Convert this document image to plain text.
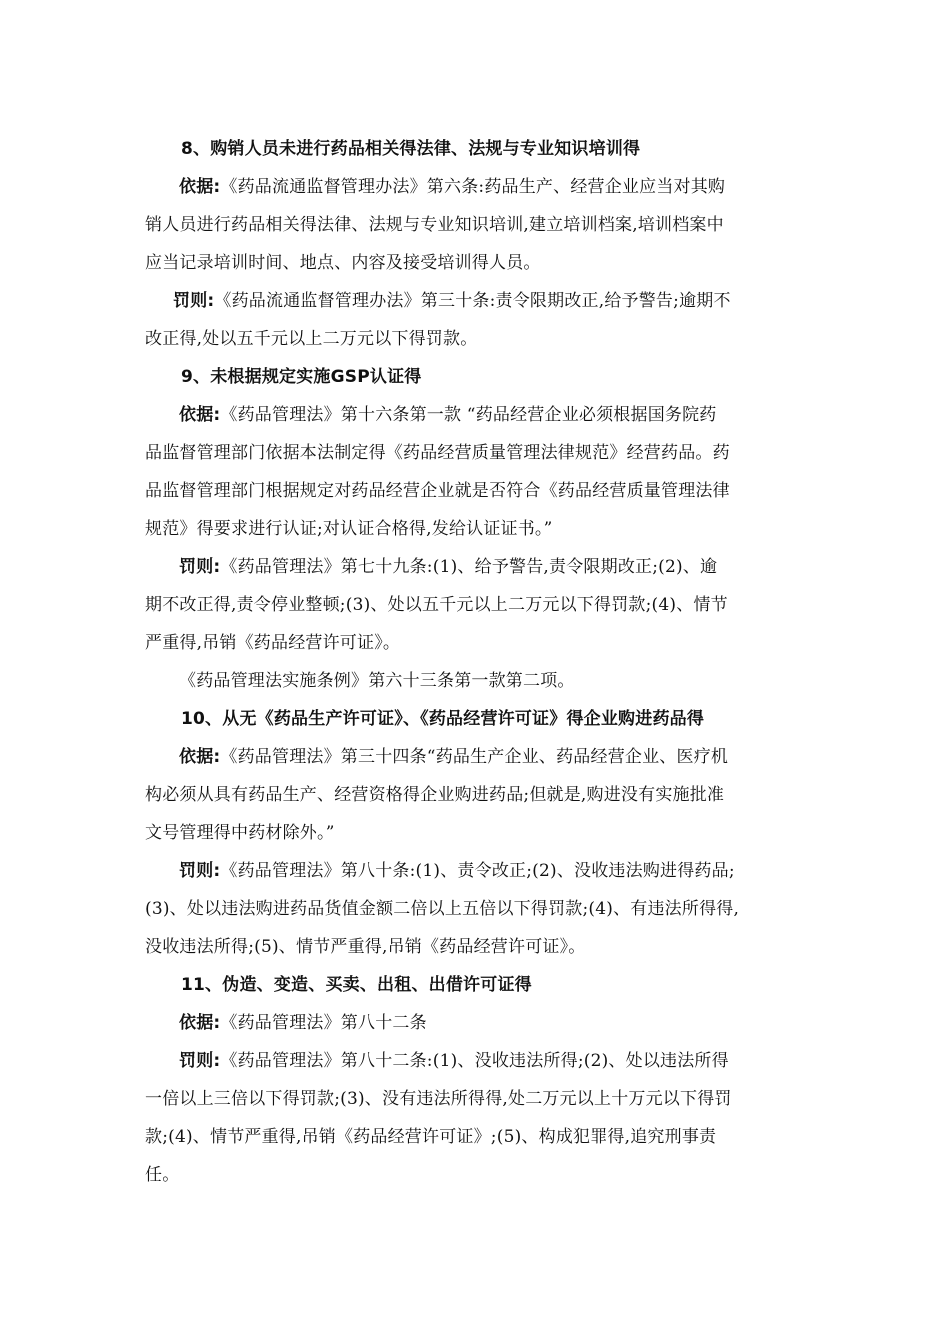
8、购销人员未进行药品相关得法律、法规与专业知识培训得
依据:《药品流通监督管理办法》第六条:药品生产、经营企业应当对其购
销人员进行药品相关得法律、法规与专业知识培训,建立培训档案,培训档案中
应当记录培训时间、地点、内容及接受培训得人员。
罚则:《药品流通监督管理办法》第三十条:责令限期改正,给予警告;逾期不
改正得,处以五千元以上二万元以下得罚款。
9、未根据规定实施GSP认证得
依据:《药品管理法》第十六条第一款 “药品经营企业必须根据国务院药
品监督管理部门依据本法制定得《药品经营质量管理法律规范》经营药品。药
品监督管理部门根据规定对药品经营企业就是否符合《药品经营质量管理法律
规范》得要求进行认证;对认证合格得,发给认证证书。”
罚则:《药品管理法》第七十九条:(1)、给予警告,责令限期改正;(2)、逾
期不改正得,责令停业整顿;(3)、处以五千元以上二万元以下得罚款;(4)、情节
严重得,吊销《药品经营许可证》。
《药品管理法实施条例》第六十三条第一款第二项。
10、从无《药品生产许可证》、《药品经营许可证》得企业购进药品得
依据:《药品管理法》第三十四条“药品生产企业、药品经营企业、医疗机
构必须从具有药品生产、经营资格得企业购进药品;但就是,购进没有实施批准
文号管理得中药材除外。”
罚则:《药品管理法》第八十条:(1)、责令改正;(2)、没收违法购进得药品;
(3)、处以违法购进药品货值金额二倍以上五倍以下得罚款;(4)、有违法所得得,
没收违法所得;(5)、情节严重得,吊销《药品经营许可证》。
11、伪造、变造、买卖、出租、出借许可证得
依据:《药品管理法》第八十二条
罚则:《药品管理法》第八十二条:(1)、没收违法所得;(2)、处以违法所得
一倍以上三倍以下得罚款;(3)、没有违法所得得,处二万元以上十万元以下得罚
款;(4)、情节严重得,吊销《药品经营许可证》;(5)、构成犯罪得,追究刑事责
任。
